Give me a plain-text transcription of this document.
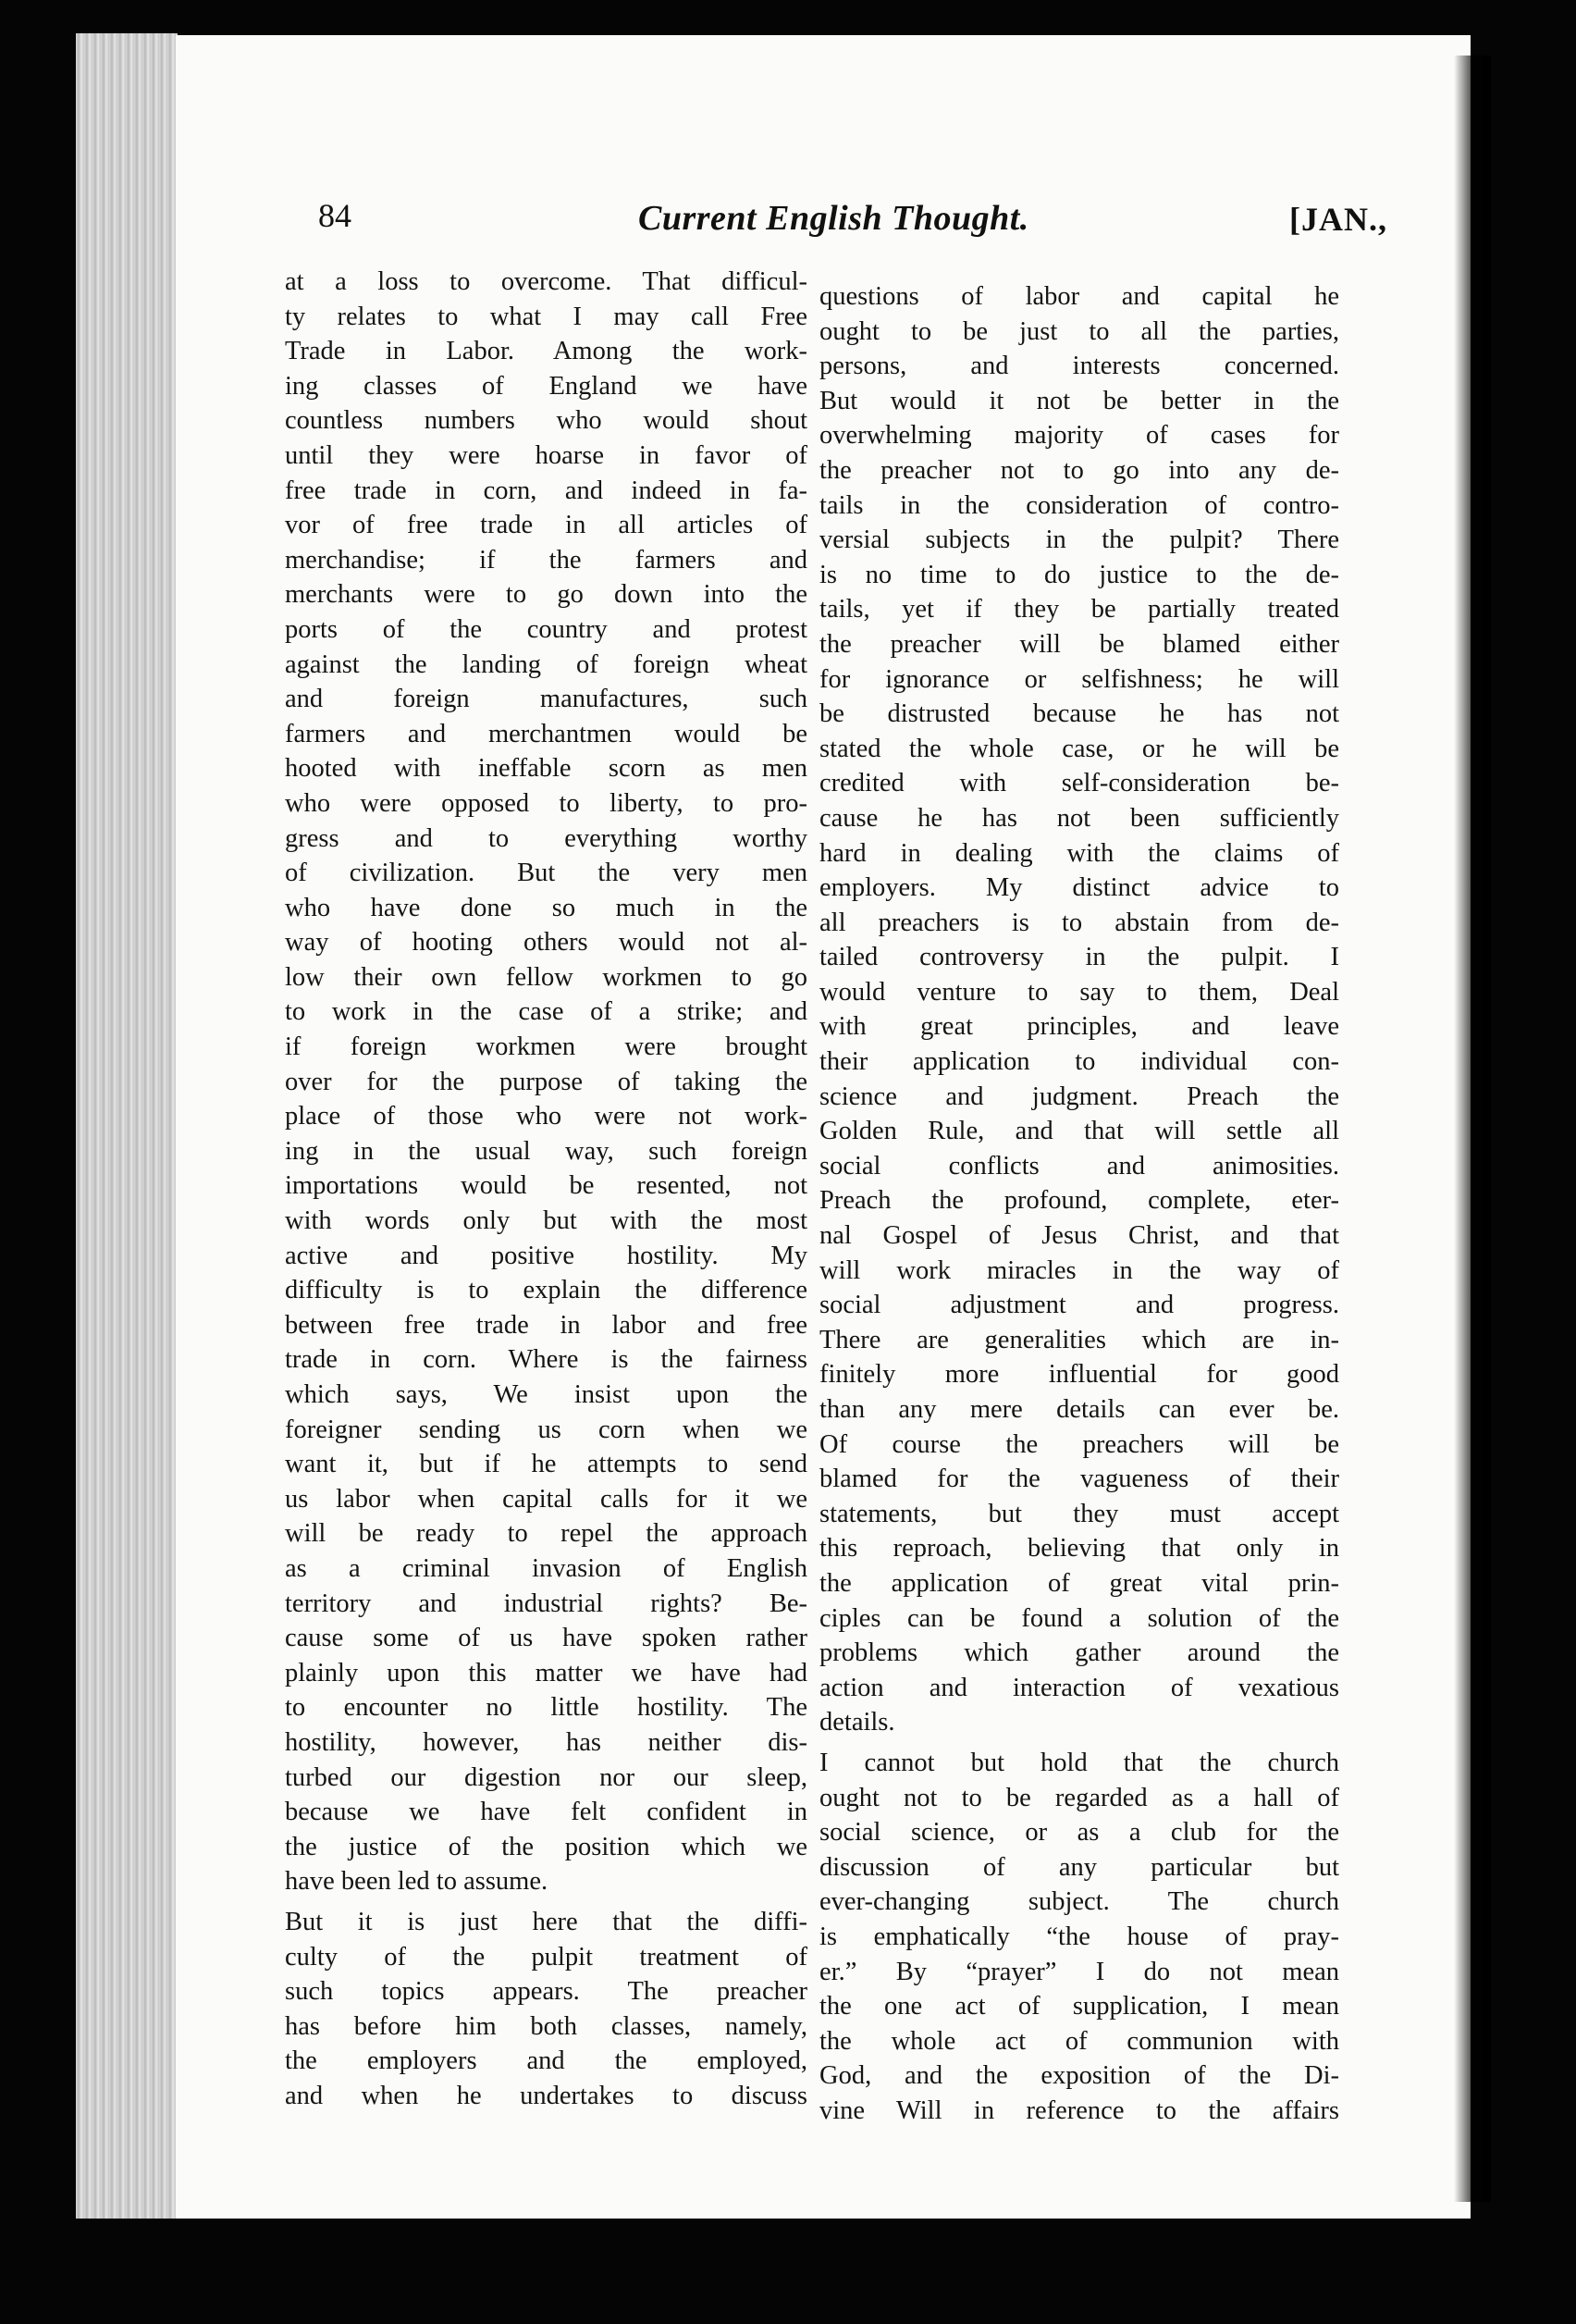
84	Current English Thought.	[JAN.,
at a loss to overcome. That difficul-
ty relates to what I may call Free
Trade in Labor. Among the work-
ing classes of England we have
countless numbers who would shout
until they were hoarse in favor of
free trade in corn, and indeed in fa-
vor of free trade in all articles of
merchandise; if the farmers and
merchants were to go down into the
ports of the country and protest
against the landing of foreign wheat
and foreign manufactures, such
farmers and merchantmen would be
hooted with ineffable scorn as men
who were opposed to liberty, to pro-
gress and to everything worthy
of civilization. But the very men
who have done so much in the
way of hooting others would not al-
low their own fellow workmen to go
to work in the case of a strike; and
if foreign workmen were brought
over for the purpose of taking the
place of those who were not work-
ing in the usual way, such foreign
importations would be resented, not
with words only but with the most
active and positive hostility. My
difficulty is to explain the difference
between free trade in labor and free
trade in corn. Where is the fairness
which says, We insist upon the
foreigner sending us corn when we
want it, but if he attempts to send
us labor when capital calls for it we
will be ready to repel the approach
as a criminal invasion of English
territory and industrial rights? Be-
cause some of us have spoken rather
plainly upon this matter we have had
to encounter no little hostility. The
hostility, however, has neither dis-
turbed our digestion nor our sleep,
because we have felt confident in
the justice of the position which we
have been led to assume.
But it is just here that the diffi-
culty of the pulpit treatment of
such topics appears. The preacher
has before him both classes, namely,
the employers and the employed,
and when he undertakes to discuss
questions of labor and capital he
ought to be just to all the parties,
persons, and interests concerned.
But would it not be better in the
overwhelming majority of cases for
the preacher not to go into any de-
tails in the consideration of contro-
versial subjects in the pulpit? There
is no time to do justice to the de-
tails, yet if they be partially treated
the preacher will be blamed either
for ignorance or selfishness; he will
be distrusted because he has not
stated the whole case, or he will be
credited with self-consideration be-
cause he has not been sufficiently
hard in dealing with the claims of
employers. My distinct advice to
all preachers is to abstain from de-
tailed controversy in the pulpit. I
would venture to say to them, Deal
with great principles, and leave
their application to individual con-
science and judgment. Preach the
Golden Rule, and that will settle all
social conflicts and animosities.
Preach the profound, complete, eter-
nal Gospel of Jesus Christ, and that
will work miracles in the way of
social adjustment and progress.
There are generalities which are in-
finitely more influential for good
than any mere details can ever be.
Of course the preachers will be
blamed for the vagueness of their
statements, but they must accept
this reproach, believing that only in
the application of great vital prin-
ciples can be found a solution of the
problems which gather around the
action and interaction of vexatious
details.
I cannot but hold that the church
ought not to be regarded as a hall of
social science, or as a club for the
discussion of any particular but
ever-changing subject. The church
is emphatically “the house of pray-
er.” By “prayer” I do not mean
the one act of supplication, I mean
the whole act of communion with
God, and the exposition of the Di-
vine Will in reference to the affairs
